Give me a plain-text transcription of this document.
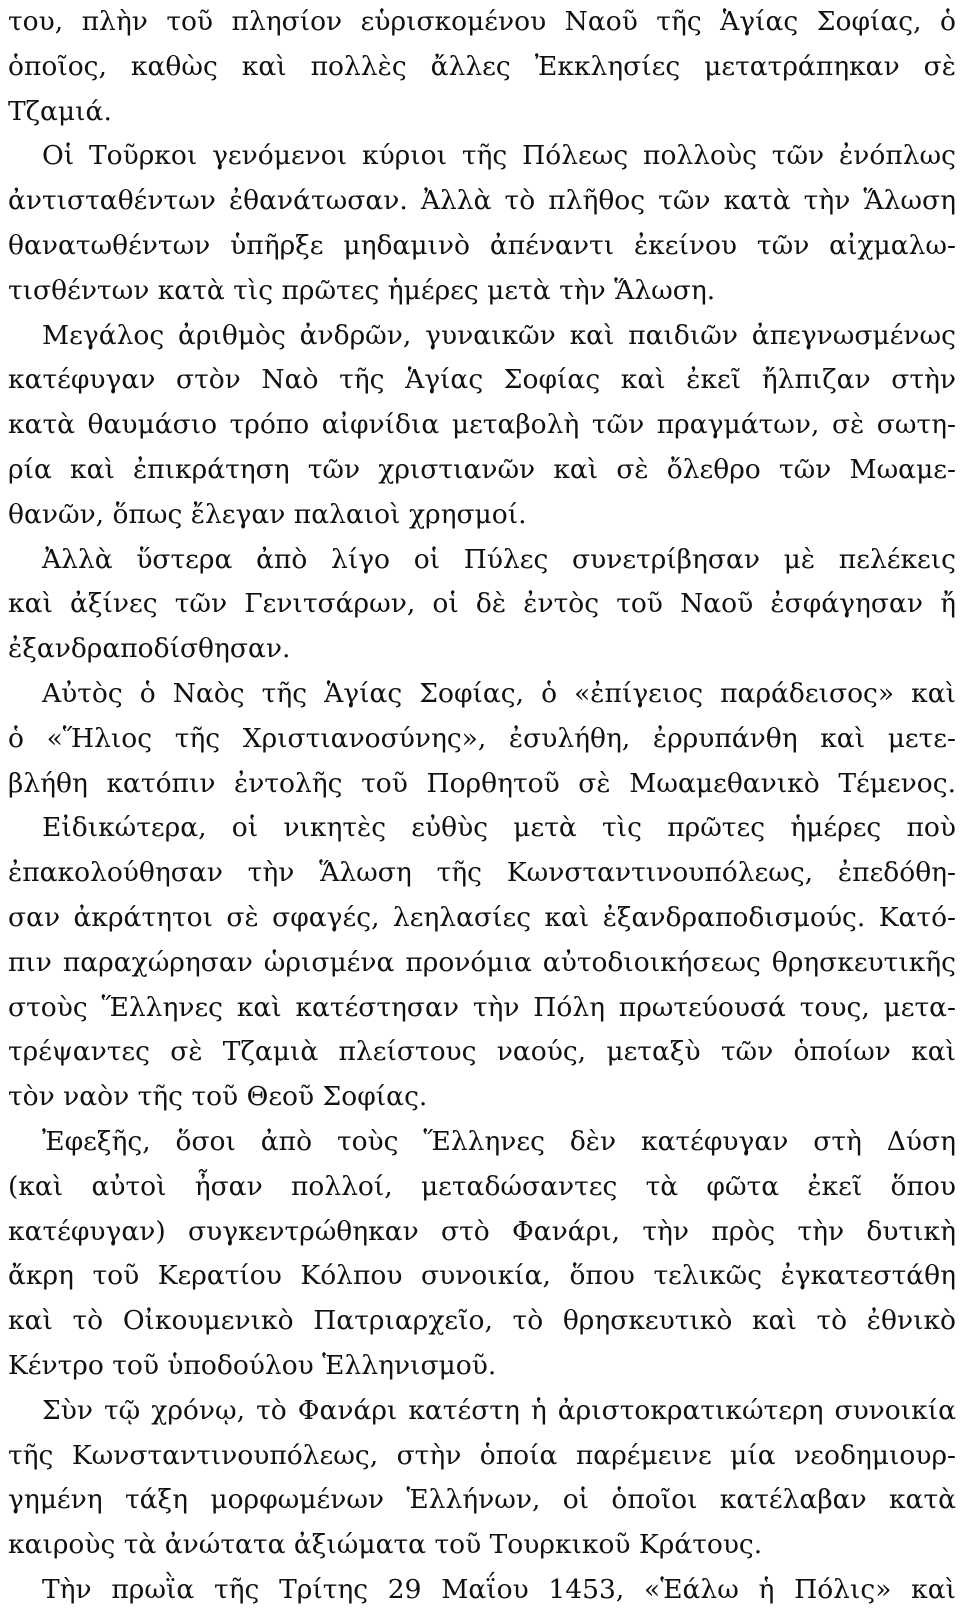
του, πλὴν τοῦ πλησίον εὑρισκομένου Ναοῦ τῆς Ἁγίας Σοφίας, ὁ
ὁποῖος, καθὼς καὶ πολλὲς ἄλλες Ἐκκλησίες μετατράπηκαν σὲ
Τζαμιά.
Οἱ Τοῦρκοι γενόμενοι κύριοι τῆς Πόλεως πολλοὺς τῶν ἐνόπλως
ἀντισταθέντων ἐθανάτωσαν. Ἀλλὰ τὸ πλῆθος τῶν κατὰ τὴν Ἅλωση
θανατωθέντων ὑπῆρξε μηδαμινὸ ἀπέναντι ἐκείνου τῶν αἰχμαλω-
τισθέντων κατὰ τὶς πρῶτες ἡμέρες μετὰ τὴν Ἅλωση.
Μεγάλος ἀριθμὸς ἀνδρῶν, γυναικῶν καὶ παιδιῶν ἀπεγνωσμένως
κατέφυγαν στὸν Ναὸ τῆς Ἁγίας Σοφίας καὶ ἐκεῖ ἤλπιζαν στὴν
κατὰ θαυμάσιο τρόπο αἰφνίδια μεταβολὴ τῶν πραγμάτων, σὲ σωτη-
ρία καὶ ἐπικράτηση τῶν χριστιανῶν καὶ σὲ ὄλεθρο τῶν Μωαμε-
θανῶν, ὅπως ἔλεγαν παλαιοὶ χρησμοί.
Ἀλλὰ ὕστερα ἀπὸ λίγο οἱ Πύλες συνετρίβησαν μὲ πελέκεις
καὶ ἀξίνες τῶν Γενιτσάρων, οἱ δὲ ἐντὸς τοῦ Ναοῦ ἐσφάγησαν ἤ
ἐξανδραποδίσθησαν.
Αὐτὸς ὁ Ναὸς τῆς Ἁγίας Σοφίας, ὁ «ἐπίγειος παράδεισος» καὶ
ὁ «Ἥλιος τῆς Χριστιανοσύνης», ἐσυλήθη, ἐρρυπάνθη καὶ μετε-
βλήθη κατόπιν ἐντολῆς τοῦ Πορθητοῦ σὲ Μωαμεθανικὸ Τέμενος.
Εἰδικώτερα, οἱ νικητὲς εὐθὺς μετὰ τὶς πρῶτες ἡμέρες ποὺ
ἐπακολούθησαν τὴν Ἅλωση τῆς Κωνσταντινουπόλεως, ἐπεδόθη-
σαν ἀκράτητοι σὲ σφαγές, λεηλασίες καὶ ἐξανδραποδισμούς. Κατό-
πιν παραχώρησαν ὡρισμένα προνόμια αὐτοδιοικήσεως θρησκευτικῆς
στοὺς Ἕλληνες καὶ κατέστησαν τὴν Πόλη πρωτεύουσά τους, μετα-
τρέψαντες σὲ Τζαμιὰ πλείστους ναούς, μεταξὺ τῶν ὁποίων καὶ
τὸν ναὸν τῆς τοῦ Θεοῦ Σοφίας.
Ἐφεξῆς, ὅσοι ἀπὸ τοὺς Ἕλληνες δὲν κατέφυγαν στὴ Δύση
(καὶ αὐτοὶ ἦσαν πολλοί, μεταδώσαντες τὰ φῶτα ἐκεῖ ὅπου
κατέφυγαν) συγκεντρώθηκαν στὸ Φανάρι, τὴν πρὸς τὴν δυτικὴ
ἄκρη τοῦ Κερατίου Κόλπου συνοικία, ὅπου τελικῶς ἐγκατεστάθη
καὶ τὸ Οἰκουμενικὸ Πατριαρχεῖο, τὸ θρησκευτικὸ καὶ τὸ ἐθνικὸ
Κέντρο τοῦ ὑποδούλου Ἑλληνισμοῦ.
Σὺν τῷ χρόνῳ, τὸ Φανάρι κατέστη ἡ ἀριστοκρατικώτερη συνοικία
τῆς Κωνσταντινουπόλεως, στὴν ὁποία παρέμεινε μία νεοδημιουρ-
γημένη τάξη μορφωμένων Ἑλλήνων, οἱ ὁποῖοι κατέλαβαν κατὰ
καιροὺς τὰ ἀνώτατα ἀξιώματα τοῦ Τουρκικοῦ Κράτους.
Τὴν πρωῒα τῆς Τρίτης 29 Μαΐου 1453, «Ἑάλω ἡ Πόλις» καὶ
